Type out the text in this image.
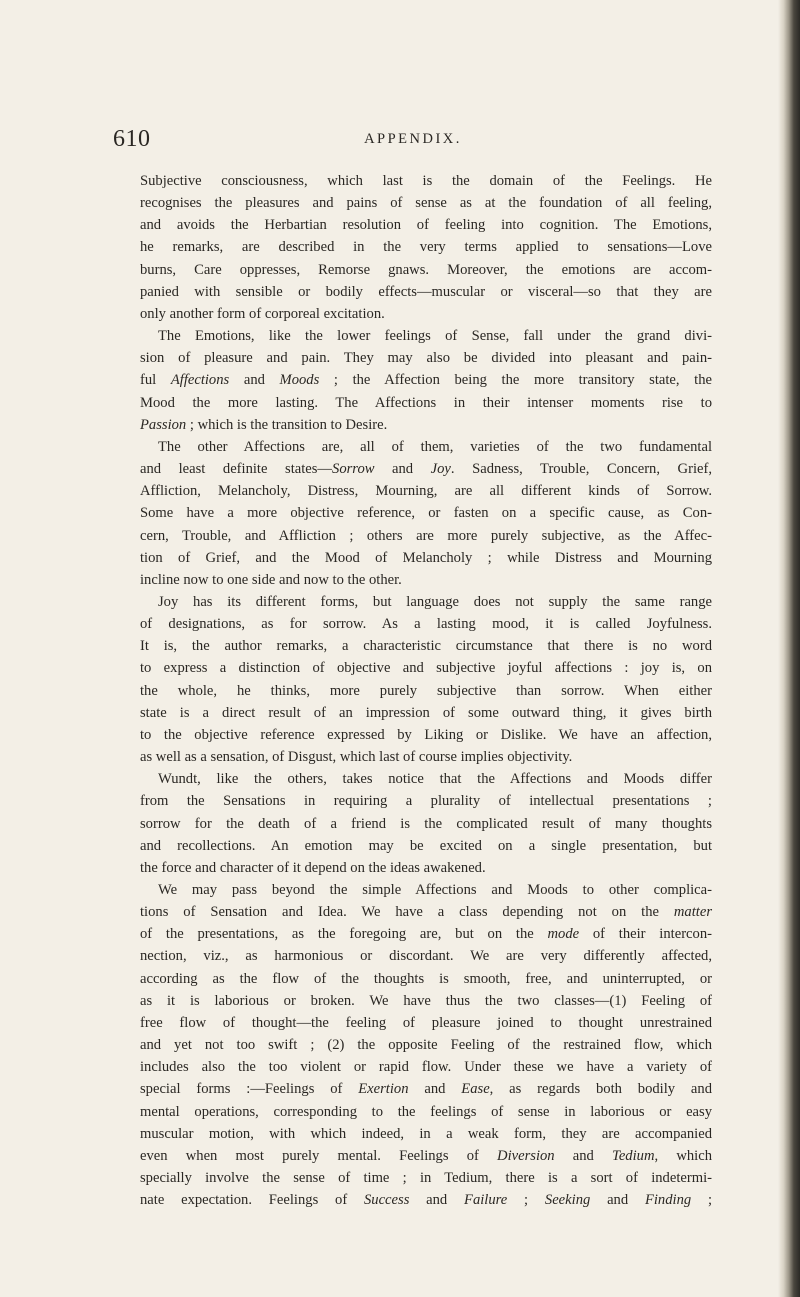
610	APPENDIX.
Subjective consciousness, which last is the domain of the Feelings. He
recognises the pleasures and pains of sense as at the foundation of all feeling,
and avoids the Herbartian resolution of feeling into cognition. The Emotions,
he remarks, are described in the very terms applied to sensations—Love
burns, Care oppresses, Remorse gnaws. Moreover, the emotions are accom-
panied with sensible or bodily effects—muscular or visceral—so that they are
only another form of corporeal excitation.
The Emotions, like the lower feelings of Sense, fall under the grand divi-
sion of pleasure and pain. They may also be divided into pleasant and pain-
ful Affections and Moods ; the Affection being the more transitory state, the
Mood the more lasting. The Affections in their intenser moments rise to
Passion ; which is the transition to Desire.
The other Affections are, all of them, varieties of the two fundamental
and least definite states—Sorrow and Joy. Sadness, Trouble, Concern, Grief,
Affliction, Melancholy, Distress, Mourning, are all different kinds of Sorrow.
Some have a more objective reference, or fasten on a specific cause, as Con-
cern, Trouble, and Affliction ; others are more purely subjective, as the Affec-
tion of Grief, and the Mood of Melancholy ; while Distress and Mourning
incline now to one side and now to the other.
Joy has its different forms, but language does not supply the same range
of designations, as for sorrow. As a lasting mood, it is called Joyfulness.
It is, the author remarks, a characteristic circumstance that there is no word
to express a distinction of objective and subjective joyful affections : joy is, on
the whole, he thinks, more purely subjective than sorrow. When either
state is a direct result of an impression of some outward thing, it gives birth
to the objective reference expressed by Liking or Dislike. We have an affection,
as well as a sensation, of Disgust, which last of course implies objectivity.
Wundt, like the others, takes notice that the Affections and Moods differ
from the Sensations in requiring a plurality of intellectual presentations ;
sorrow for the death of a friend is the complicated result of many thoughts
and recollections. An emotion may be excited on a single presentation, but
the force and character of it depend on the ideas awakened.
We may pass beyond the simple Affections and Moods to other complica-
tions of Sensation and Idea. We have a class depending not on the matter
of the presentations, as the foregoing are, but on the mode of their intercon-
nection, viz., as harmonious or discordant. We are very differently affected,
according as the flow of the thoughts is smooth, free, and uninterrupted, or
as it is laborious or broken. We have thus the two classes—(1) Feeling of
free flow of thought—the feeling of pleasure joined to thought unrestrained
and yet not too swift ; (2) the opposite Feeling of the restrained flow, which
includes also the too violent or rapid flow. Under these we have a variety of
special forms :—Feelings of Exertion and Ease, as regards both bodily and
mental operations, corresponding to the feelings of sense in laborious or easy
muscular motion, with which indeed, in a weak form, they are accompanied
even when most purely mental. Feelings of Diversion and Tedium, which
specially involve the sense of time ; in Tedium, there is a sort of indetermi-
nate expectation. Feelings of Success and Failure ; Seeking and Finding ;
